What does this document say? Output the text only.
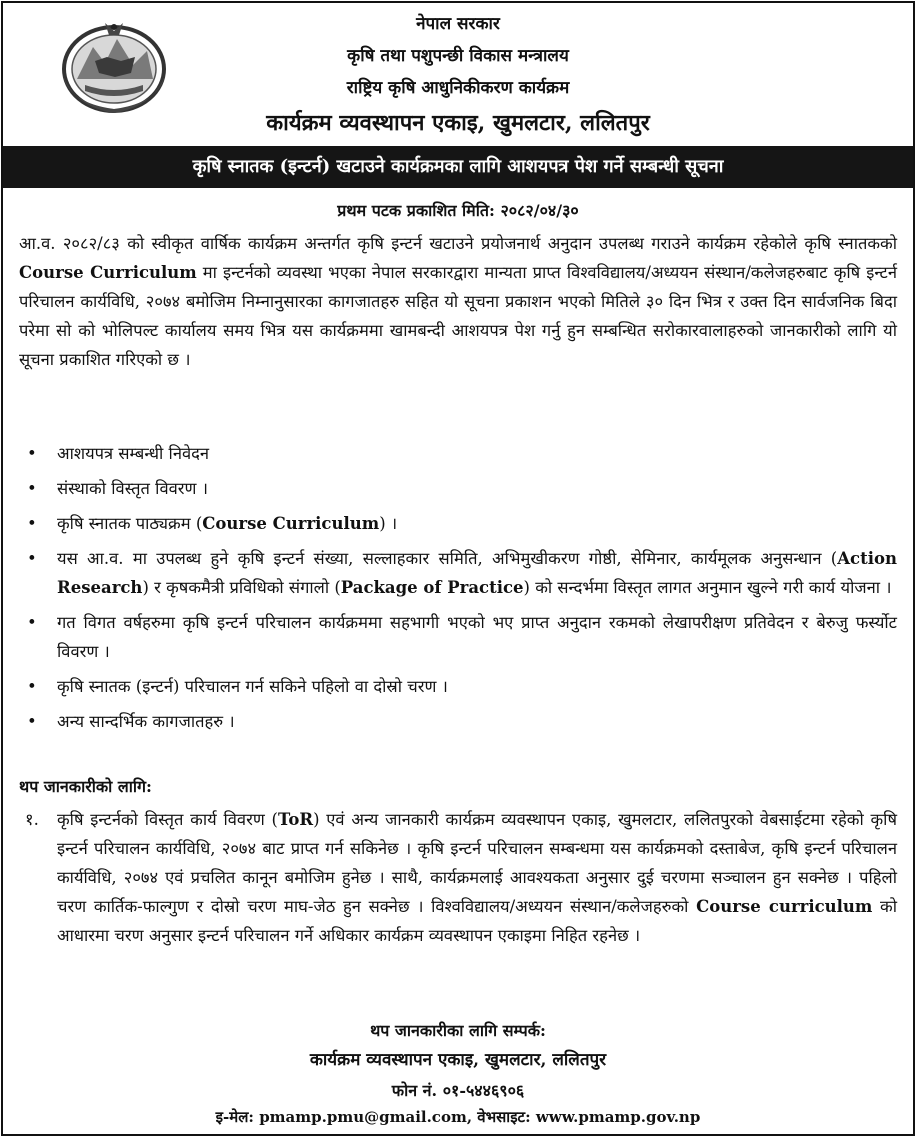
नेपाल सरकार
कृषि तथा पशुपन्छी विकास मन्त्रालय
राष्ट्रिय कृषि आधुनिकीकरण कार्यक्रम
कार्यक्रम व्यवस्थापन एकाइ, खुमलटार, ललितपुर
कृषि स्नातक (इन्टर्न) खटाउने कार्यक्रमका लागि आशयपत्र पेश गर्ने सम्बन्धी सूचना
प्रथम पटक प्रकाशित मिति: २०८२/०४/३०

आ.व. २०८२/८३ को स्वीकृत वार्षिक कार्यक्रम अन्तर्गत कृषि इन्टर्न खटाउने प्रयोजनार्थ अनुदान उपलब्ध गराउने कार्यक्रम रहेकोले कृषि स्नातकको Course Curriculum मा इन्टर्नको व्यवस्था भएका नेपाल सरकारद्वारा मान्यता प्राप्त विश्वविद्यालय/अध्ययन संस्थान/कलेजहरुबाट कृषि इन्टर्न परिचालन कार्यविधि, २०७४ बमोजिम निम्नानुसारका कागजातहरु सहित यो सूचना प्रकाशन भएको मितिले ३० दिन भित्र र उक्त दिन सार्वजनिक बिदा परेमा सो को भोलिपल्ट कार्यालय समय भित्र यस कार्यक्रममा खामबन्दी आशयपत्र पेश गर्नु हुन सम्बन्धित सरोकारवालाहरुको जानकारीको लागि यो सूचना प्रकाशित गरिएको छ ।

• आशयपत्र सम्बन्धी निवेदन
• संस्थाको विस्तृत विवरण ।
• कृषि स्नातक पाठ्यक्रम (Course Curriculum) ।
• यस आ.व. मा उपलब्ध हुने कृषि इन्टर्न संख्या, सल्लाहकार समिति, अभिमुखीकरण गोष्ठी, सेमिनार, कार्यमूलक अनुसन्धान (Action Research) र कृषकमैत्री प्रविधिको संगालो (Package of Practice) को सन्दर्भमा विस्तृत लागत अनुमान खुल्ने गरी कार्य योजना ।
• गत विगत वर्षहरुमा कृषि इन्टर्न परिचालन कार्यक्रममा सहभागी भएको भए प्राप्त अनुदान रकमको लेखापरीक्षण प्रतिवेदन र बेरुजु फर्स्योट विवरण ।
• कृषि स्नातक (इन्टर्न) परिचालन गर्न सकिने पहिलो वा दोस्रो चरण ।
• अन्य सान्दर्भिक कागजातहरु ।
थप जानकारीको लागि:
१. कृषि इन्टर्नको विस्तृत कार्य विवरण (ToR) एवं अन्य जानकारी कार्यक्रम व्यवस्थापन एकाइ, खुमलटार, ललितपुरको वेबसाईटमा रहेको कृषि इन्टर्न परिचालन कार्यविधि, २०७४ बाट प्राप्त गर्न सकिनेछ । कृषि इन्टर्न परिचालन सम्बन्धमा यस कार्यक्रमको दस्ताबेज, कृषि इन्टर्न परिचालन कार्यविधि, २०७४ एवं प्रचलित कानून बमोजिम हुनेछ । साथै, कार्यक्रमलाई आवश्यकता अनुसार दुई चरणमा सञ्चालन हुन सक्नेछ । पहिलो चरण कार्तिक-फाल्गुण र दोस्रो चरण माघ-जेठ हुन सक्नेछ । विश्वविद्यालय/अध्ययन संस्थान/कलेजहरुको Course curriculum को आधारमा चरण अनुसार इन्टर्न परिचालन गर्ने अधिकार कार्यक्रम व्यवस्थापन एकाइमा निहित रहनेछ ।
थप जानकारीका लागि सम्पर्क:
कार्यक्रम व्यवस्थापन एकाइ, खुमलटार, ललितपुर
फोन नं. ०१-५४४६९०६
इ-मेल: pmamp.pmu@gmail.com, वेभसाइट: www.pmamp.gov.np
